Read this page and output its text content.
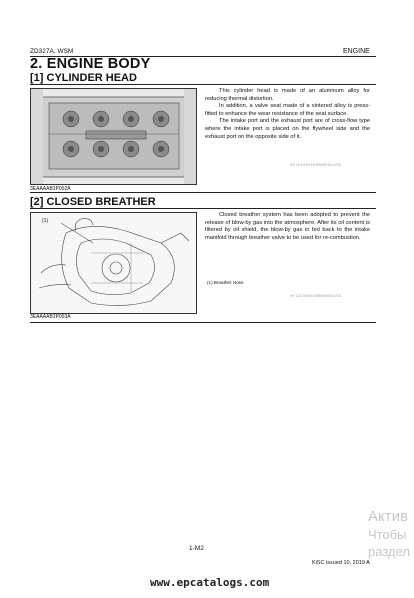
ZD327A, WSM	ENGINE
2. ENGINE BODY
[1] CYLINDER HEAD
3EAAAAB1P002A

This cylinder head is made of an aluminum alloy for reducing thermal distortion.

In addition, a valve seat made of a sintered alloy is press-fitted to enhance the wear resistance of the seat surface.

The intake port and the exhaust port are of cross-flow type where the intake port is placed on the flywheel side and the exhaust port on the opposite side of it.

9Y1210591EBM0002US0
[2] CLOSED BREATHER
(1)
3EAAAAB1P003A

Closed breather system has been adopted to prevent the release of blow-by gas into the atmosphere. After its oil content is filtered by oil shield, the blow-by gas in fed back to the intake manifold through breather valve to be used for re-combustion.

(1) Breather Hose
9Y1210591EBM0003US0
Актив
Чтобы
раздел
1-M2
KiSC issued 10, 2019 A
www.epcatalogs.com
